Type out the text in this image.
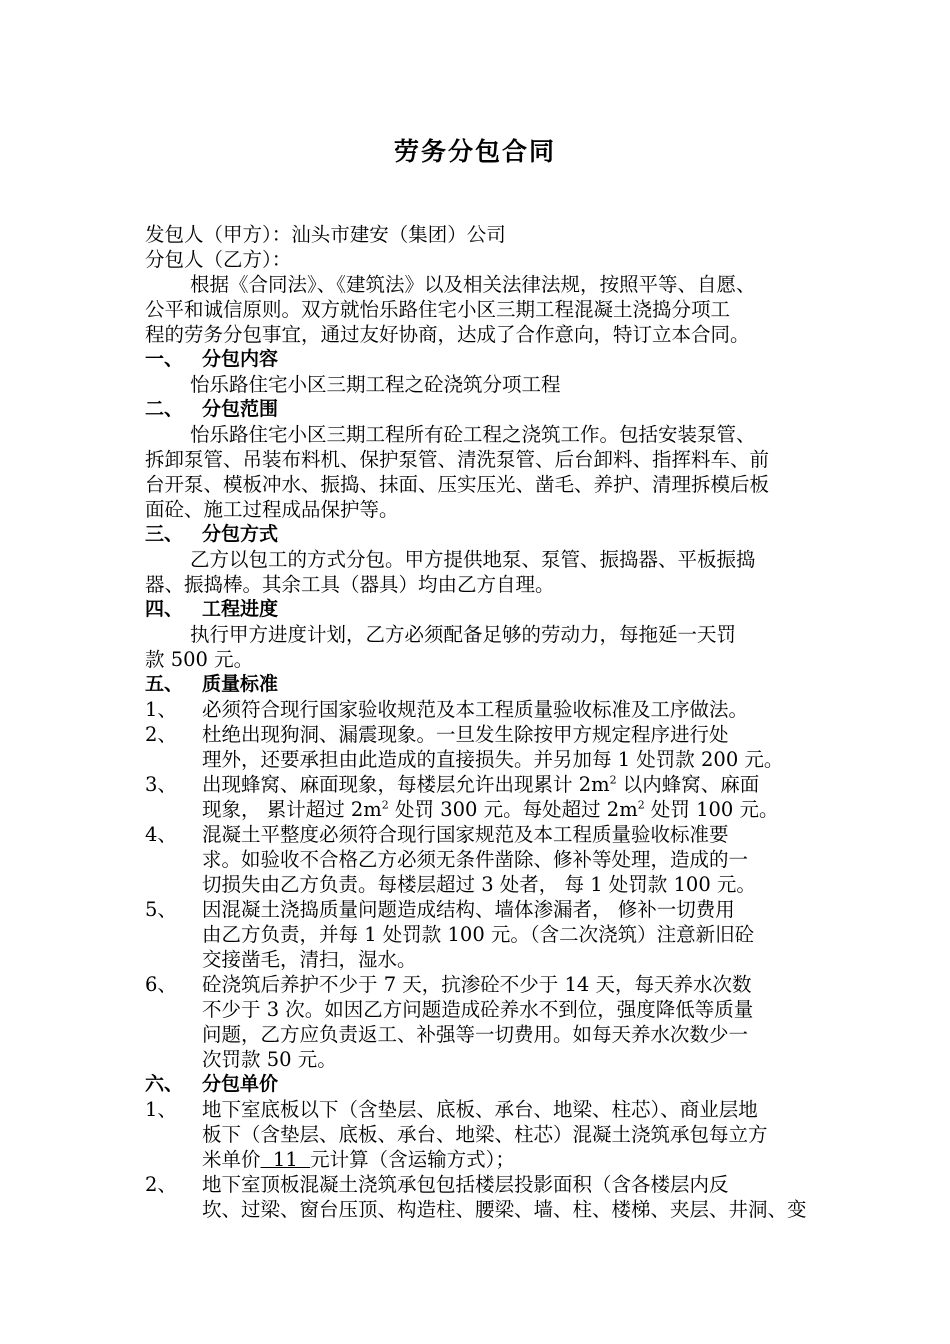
劳务分包合同
发包人（甲方）：汕头市建安（集团）公司
分包人（乙方）：
根据《合同法》、《建筑法》以及相关法律法规，按照平等、自愿、
公平和诚信原则。双方就怡乐路住宅小区三期工程混凝土浇捣分项工
程的劳务分包事宜，通过友好协商，达成了合作意向，特订立本合同。
一、 分包内容
怡乐路住宅小区三期工程之砼浇筑分项工程
二、 分包范围
怡乐路住宅小区三期工程所有砼工程之浇筑工作。包括安装泵管、
拆卸泵管、吊装布料机、保护泵管、清洗泵管、后台卸料、指挥料车、前
台开泵、模板冲水、振捣、抹面、压实压光、凿毛、养护、清理拆模后板
面砼、施工过程成品保护等。
三、 分包方式
乙方以包工的方式分包。甲方提供地泵、泵管、振捣器、平板振捣
器、振捣棒。其余工具（器具）均由乙方自理。
四、 工程进度
执行甲方进度计划，乙方必须配备足够的劳动力，每拖延一天罚
款 500 元。
五、 质量标准
1、	必须符合现行国家验收规范及本工程质量验收标准及工序做法。
2、	杜绝出现狗洞、漏震现象。一旦发生除按甲方规定程序进行处
理外，还要承担由此造成的直接损失。并另加每 1 处罚款 200 元。
3、	出现蜂窝、麻面现象，每楼层允许出现累计 $2m^2$ 以内蜂窝、麻面
现象， 累计超过 $2m^2$ 处罚 300 元。每处超过 $2m^2$ 处罚 100 元。
4、	混凝土平整度必须符合现行国家规范及本工程质量验收标准要
求。如验收不合格乙方必须无条件凿除、修补等处理，造成的一
切损失由乙方负责。每楼层超过 3 处者， 每 1 处罚款 100 元。
5、	因混凝土浇捣质量问题造成结构、墙体渗漏者， 修补一切费用
由乙方负责，并每 1 处罚款 100 元。（含二次浇筑）注意新旧砼
交接凿毛，清扫，湿水。
6、	砼浇筑后养护不少于 7 天，抗渗砼不少于 14 天，每天养水次数
不少于 3 次。如因乙方问题造成砼养水不到位，强度降低等质量
问题，乙方应负责返工、补强等一切费用。如每天养水次数少一
次罚款 50 元。
六、 分包单价
1、	地下室底板以下（含垫层、底板、承台、地梁、柱芯）、商业层地
板下（含垫层、底板、承台、地梁、柱芯）混凝土浇筑承包每立方
米单价  11  元计算（含运输方式）；
2、	地下室顶板混凝土浇筑承包包括楼层投影面积（含各楼层内反
坎、过梁、窗台压顶、构造柱、腰梁、墙、柱、楼梯、夹层、井洞、变
